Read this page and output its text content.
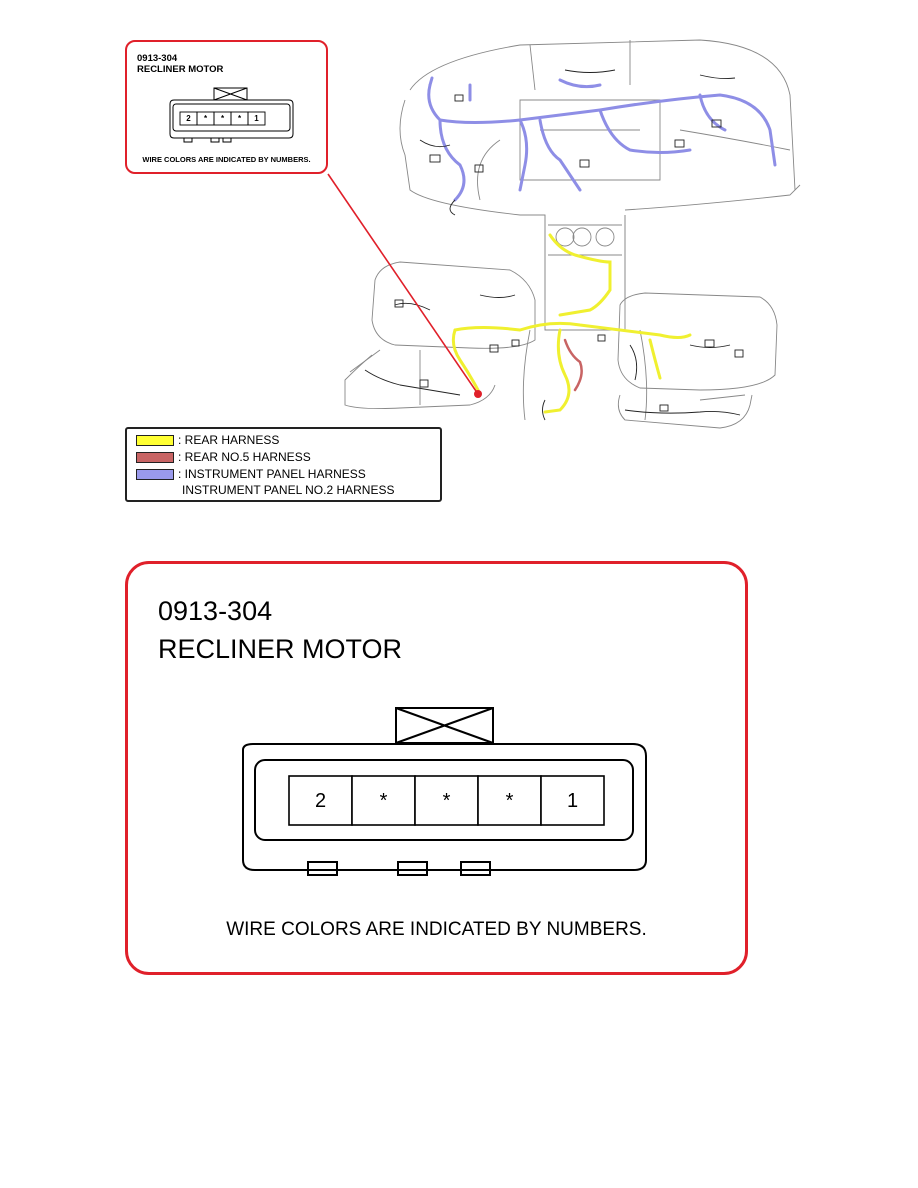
0913-304
RECLINER MOTOR
2	*	*	*	1
WIRE COLORS ARE INDICATED BY NUMBERS.
: REAR HARNESS
: REAR NO.5 HARNESS
: INSTRUMENT PANEL HARNESS
INSTRUMENT PANEL NO.2 HARNESS
0913-304
RECLINER MOTOR
2	*	*	*	1
WIRE COLORS ARE INDICATED BY NUMBERS.
